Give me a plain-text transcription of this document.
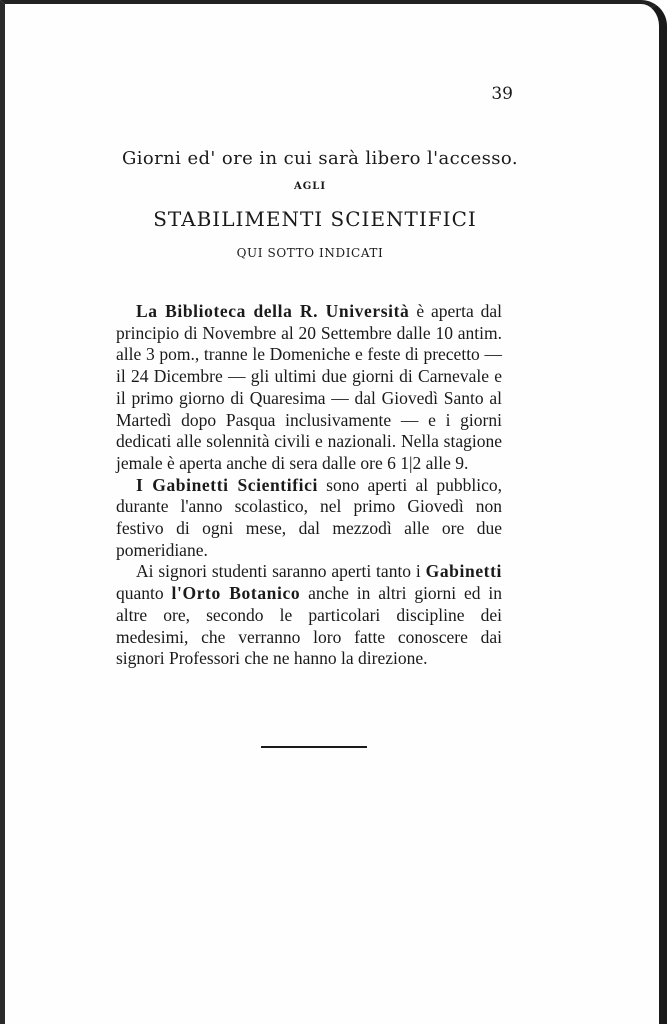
39
Giorni ed' ore in cui sarà libero l'accesso.
AGLI
STABILIMENTI SCIENTIFICI
QUI SOTTO INDICATI

La Biblioteca della R. Università è aperta dal principio di Novembre al 20 Settembre dalle 10 antim. alle 3 pom., tranne le Domeniche e feste di precetto — il 24 Dicembre — gli ultimi due giorni di Carnevale e il primo giorno di Quaresima — dal Giovedì Santo al Martedì dopo Pasqua inclusivamente — e i giorni dedicati alle solennità civili e nazionali. Nella stagione jemale è aperta anche di sera dalle ore 6 1|2 alle 9.

I Gabinetti Scientifici sono aperti al pubblico, durante l'anno scolastico, nel primo Giovedì non festivo di ogni mese, dal mezzodì alle ore due pomeridiane.

Ai signori studenti saranno aperti tanto i Gabinetti quanto l'Orto Botanico anche in altri giorni ed in altre ore, secondo le particolari discipline dei medesimi, che verranno loro fatte conoscere dai signori Professori che ne hanno la direzione.
